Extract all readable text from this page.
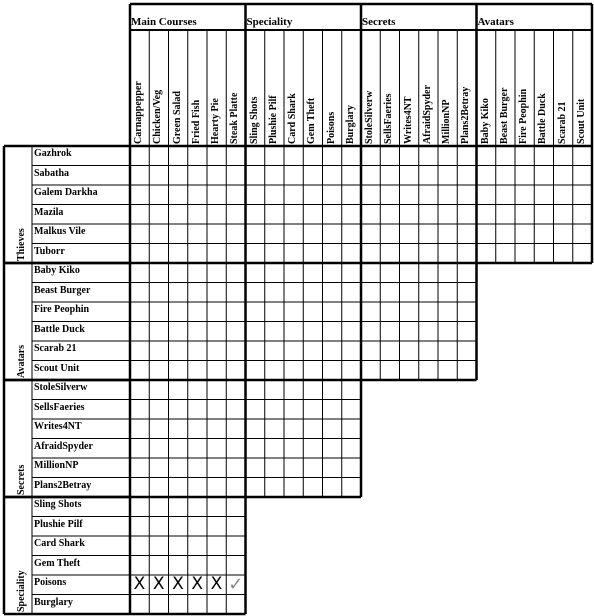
Main Courses
Carnappepper Chicken/Veg Green Salad Fried Fish Hearty Pie Steak Platte
Speciality
Sling Shots Plushie Pilf Card Shark Gem Theft Poisons Burglary
Secrets
StoleSilverw SellsFaeries Writes4NT AfraidSpyder MillionNP Plans2Betray
Avatars
Baby Kiko Beast Burger Fire Peophin Battle Duck Scarab 21 Scout Unit
Thieves
Gazhrok
Sabatha
Galem Darkha
Mazila
Malkus Vile
Tuborr
Avatars
Baby Kiko
Beast Burger
Fire Peophin
Battle Duck
Scarab 21
Scout Unit
Secrets
StoleSilverw
SellsFaeries
Writes4NT
AfraidSpyder
MillionNP
Plans2Betray
Speciality
Sling Shots
Plushie Pilf
Card Shark
Gem Theft
Poisons
Burglary
X X X X X ✓
